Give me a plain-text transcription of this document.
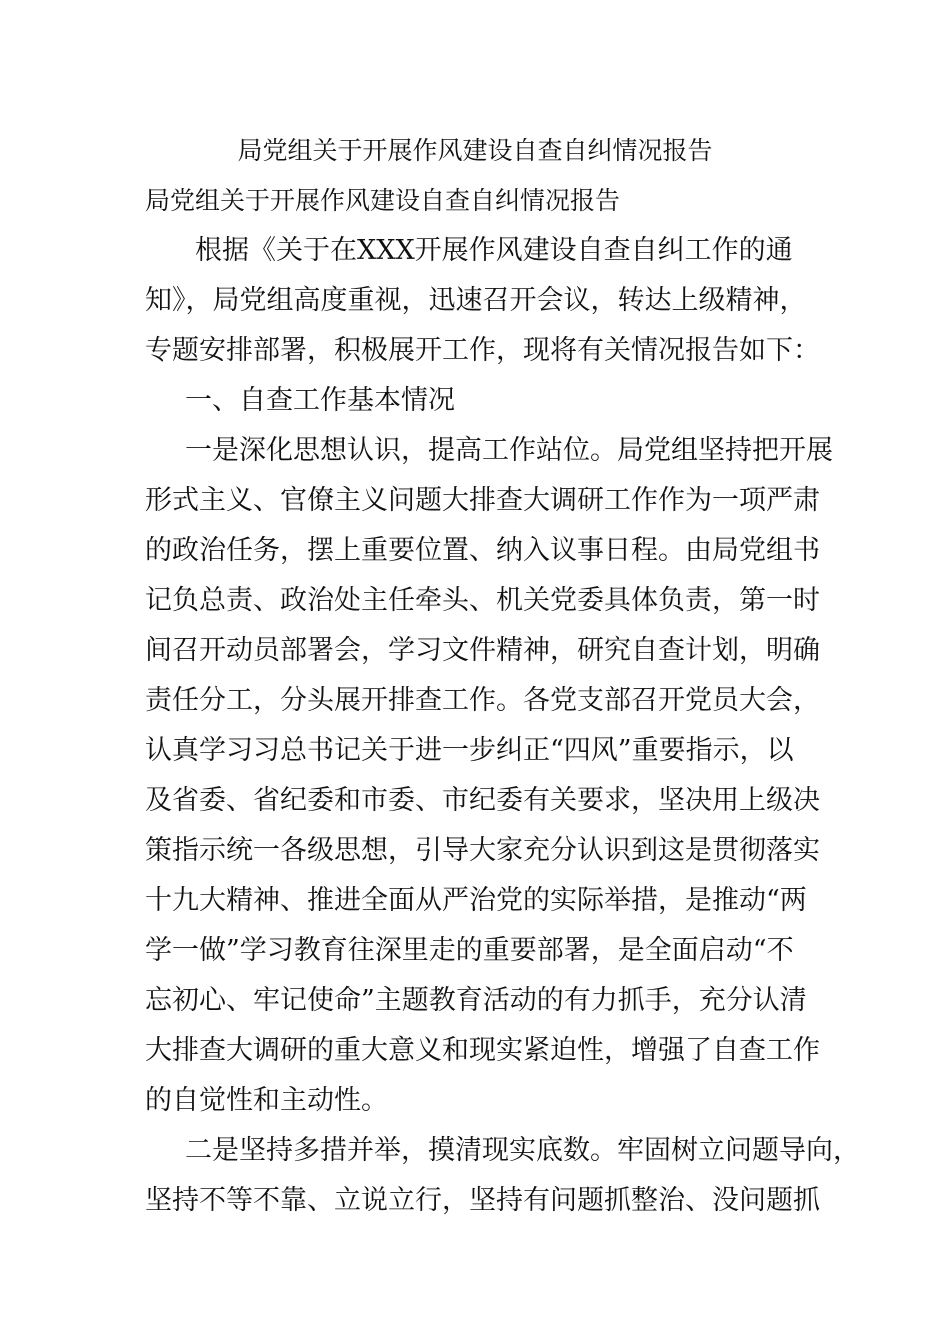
局党组关于开展作风建设自查自纠情况报告
局党组关于开展作风建设自查自纠情况报告
根据《关于在XXX开展作风建设自查自纠工作的通
知》，局党组高度重视，迅速召开会议，转达上级精神，
专题安排部署，积极展开工作，现将有关情况报告如下：
一、自查工作基本情况
一是深化思想认识，提高工作站位。局党组坚持把开展
形式主义、官僚主义问题大排查大调研工作作为一项严肃
的政治任务，摆上重要位置、纳入议事日程。由局党组书
记负总责、政治处主任牵头、机关党委具体负责，第一时
间召开动员部署会，学习文件精神，研究自查计划，明确
责任分工，分头展开排查工作。各党支部召开党员大会，
认真学习习总书记关于进一步纠正“四风”重要指示，以
及省委、省纪委和市委、市纪委有关要求，坚决用上级决
策指示统一各级思想，引导大家充分认识到这是贯彻落实
十九大精神、推进全面从严治党的实际举措，是推动“两
学一做”学习教育往深里走的重要部署，是全面启动“不
忘初心、牢记使命”主题教育活动的有力抓手，充分认清
大排查大调研的重大意义和现实紧迫性，增强了自查工作
的自觉性和主动性。
二是坚持多措并举，摸清现实底数。牢固树立问题导向，
坚持不等不靠、立说立行，坚持有问题抓整治、没问题抓
